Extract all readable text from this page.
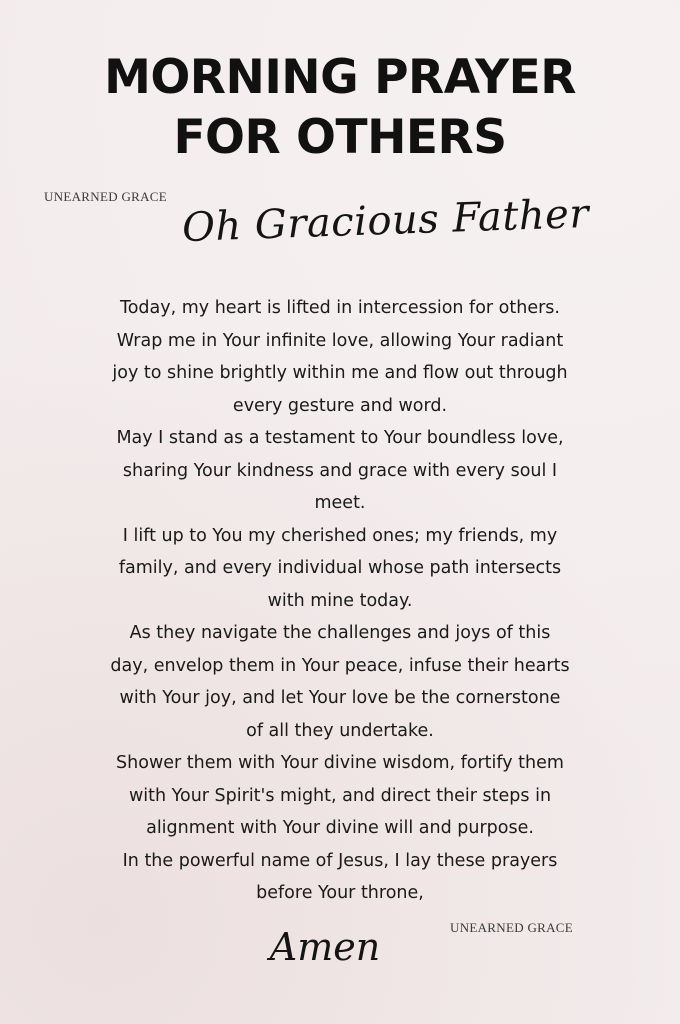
MORNING PRAYER
FOR OTHERS
UNEARNED GRACE Oh Gracious Father
Today, my heart is lifted in intercession for others.
Wrap me in Your infinite love, allowing Your radiant
joy to shine brightly within me and flow out through
every gesture and word.
May I stand as a testament to Your boundless love,
sharing Your kindness and grace with every soul I
meet.
I lift up to You my cherished ones; my friends, my
family, and every individual whose path intersects
with mine today.
As they navigate the challenges and joys of this
day, envelop them in Your peace, infuse their hearts
with Your joy, and let Your love be the cornerstone
of all they undertake.
Shower them with Your divine wisdom, fortify them
with Your Spirit's might, and direct their steps in
alignment with Your divine will and purpose.
In the powerful name of Jesus, I lay these prayers
before Your throne,
UNEARNED GRACE
Amen
